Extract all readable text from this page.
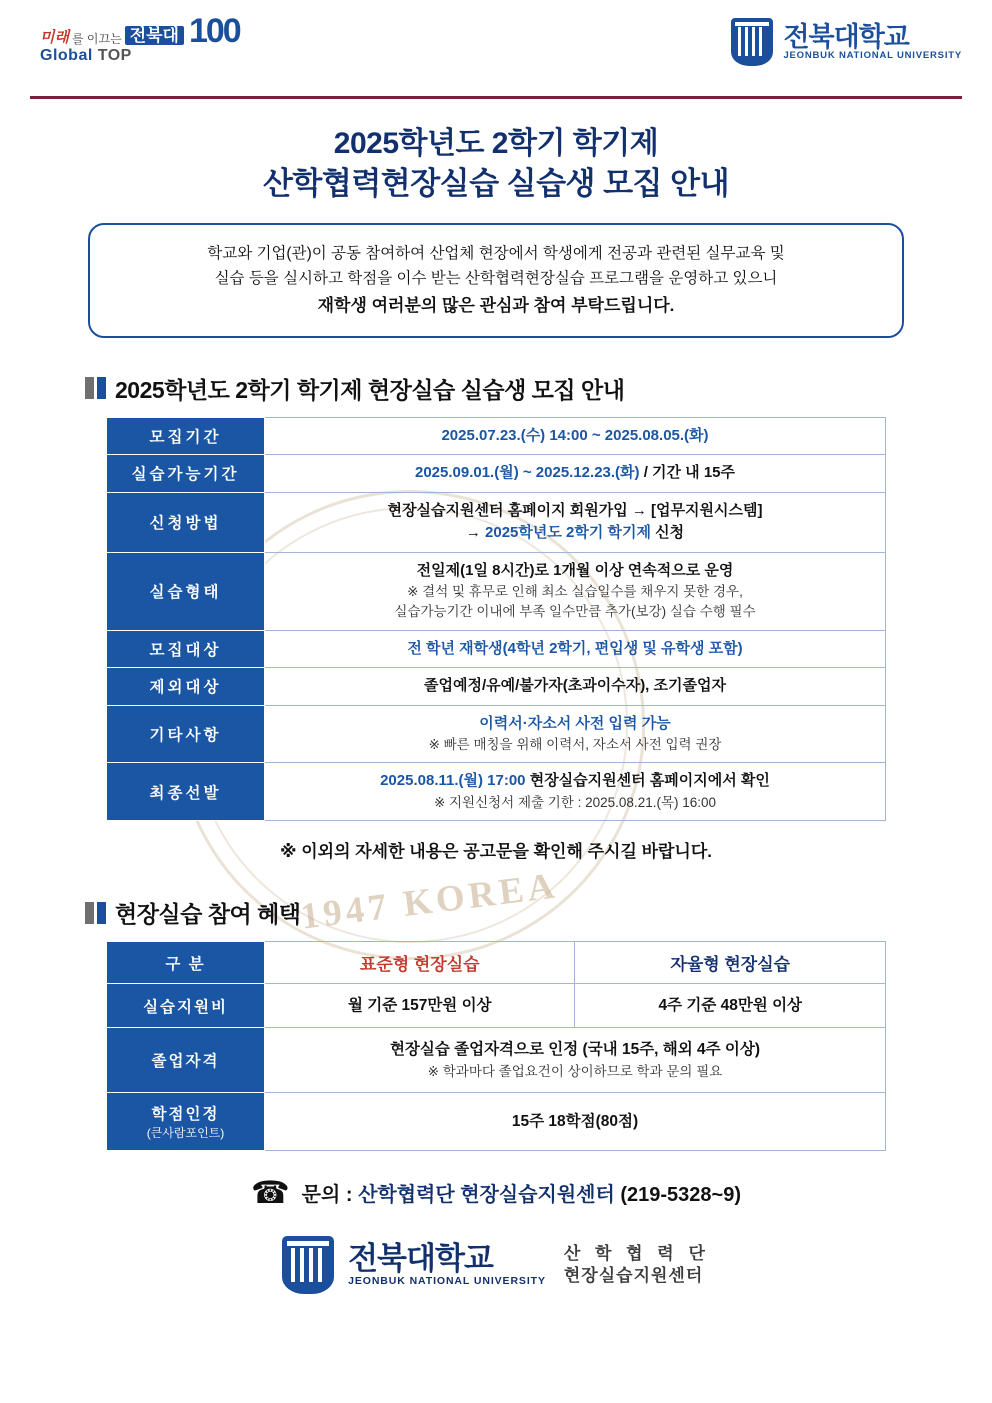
1947 KOREA
미래 를 이끄는 전북대 100
Global TOP
전북대학교
JEONBUK NATIONAL UNIVERSITY
2025학년도 2학기 학기제
산학협력현장실습 실습생 모집 안내
학교와 기업(관)이 공동 참여하여 산업체 현장에서 학생에게 전공과 관련된 실무교육 및
실습 등을 실시하고 학점을 이수 받는 산학협력현장실습 프로그램을 운영하고 있으니
재학생 여러분의 많은 관심과 참여 부탁드립니다.
2025학년도 2학기 학기제 현장실습 실습생 모집 안내
모집기간	2025.07.23.(수) 14:00 ~ 2025.08.05.(화)
실습가능기간	2025.09.01.(월) ~ 2025.12.23.(화) / 기간 내 15주
신청방법	현장실습지원센터 홈페이지 회원가입 → [업무지원시스템]
→ 2025학년도 2학기 학기제 신청

실습형태	전일제(1일 8시간)로 1개월 이상 연속적으로 운영
※ 결석 및 휴무로 인해 최소 실습일수를 채우지 못한 경우,
실습가능기간 이내에 부족 일수만큼 추가(보강) 실습 수행 필수

모집대상	전 학년 재학생(4학년 2학기, 편입생 및 유학생 포함)
제외대상	졸업예정/유예/불가자(초과이수자), 조기졸업자
기타사항	이력서·자소서 사전 입력 가능
※ 빠른 매칭을 위해 이력서, 자소서 사전 입력 권장

최종선발	2025.08.11.(월) 17:00 현장실습지원센터 홈페이지에서 확인
※ 지원신청서 제출 기한 : 2025.08.21.(목) 16:00
※ 이외의 자세한 내용은 공고문을 확인해 주시길 바랍니다.
현장실습 참여 혜택
구 분	표준형 현장실습	자율형 현장실습
실습지원비	월 기준 157만원 이상	4주 기준 48만원 이상
졸업자격	현장실습 졸업자격으로 인정 (국내 15주, 해외 4주 이상)
※ 학과마다 졸업요건이 상이하므로 학과 문의 필요	

학점인정
(큰사람포인트)	15주 18학점(80점)	
☎ 문의 : 산학협력단 현장실습지원센터 (219-5328~9)
전북대학교
JEONBUK NATIONAL UNIVERSITY
산 학 협 력 단
현장실습지원센터
